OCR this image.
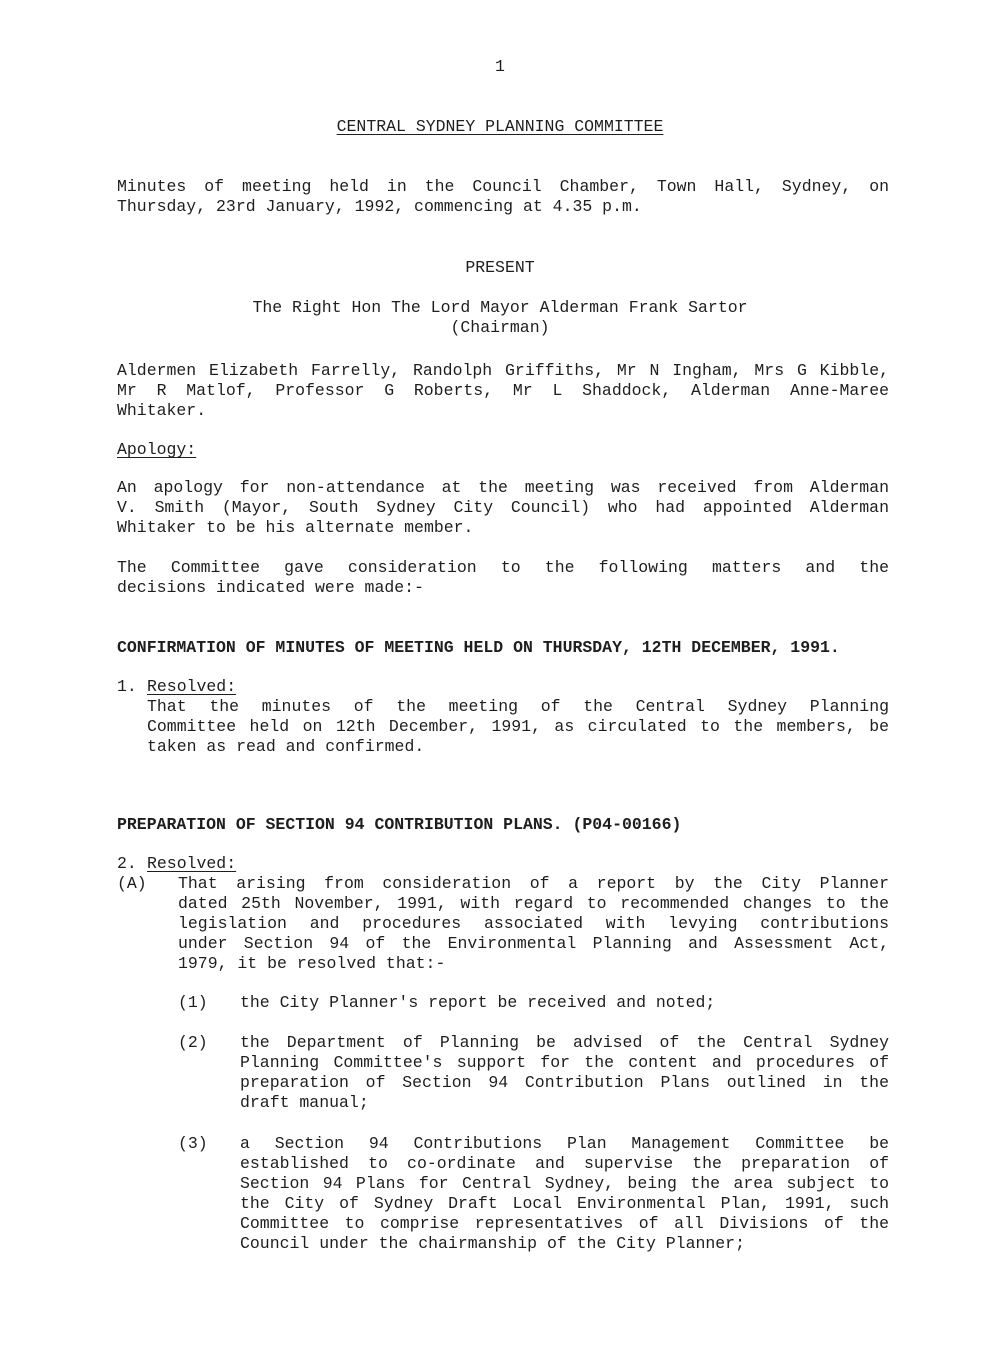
1
CENTRAL SYDNEY PLANNING COMMITTEE
Minutes of meeting held in the Council Chamber, Town Hall, Sydney, on
Thursday, 23rd January, 1992, commencing at 4.35 p.m.
PRESENT
The Right Hon The Lord Mayor Alderman Frank Sartor
(Chairman)
Aldermen Elizabeth Farrelly, Randolph Griffiths, Mr N Ingham, Mrs G Kibble,
Mr R Matlof, Professor G Roberts, Mr L Shaddock, Alderman Anne-Maree
Whitaker.
Apology:
An apology for non-attendance at the meeting was received from Alderman
V. Smith (Mayor, South Sydney City Council) who had appointed Alderman
Whitaker to be his alternate member.
The Committee gave consideration to the following matters and the
decisions indicated were made:-
CONFIRMATION OF MINUTES OF MEETING HELD ON THURSDAY, 12TH DECEMBER, 1991.
1. Resolved:
That the minutes of the meeting of the Central Sydney Planning
Committee held on 12th December, 1991, as circulated to the members, be
taken as read and confirmed.
PREPARATION OF SECTION 94 CONTRIBUTION PLANS. (P04-00166)
2. Resolved:
(A) That arising from consideration of a report by the City Planner
dated 25th November, 1991, with regard to recommended changes to the
legislation and procedures associated with levying contributions
under Section 94 of the Environmental Planning and Assessment Act,
1979, it be resolved that:-
(1) the City Planner's report be received and noted;
(2) the Department of Planning be advised of the Central Sydney
Planning Committee's support for the content and procedures of
preparation of Section 94 Contribution Plans outlined in the
draft manual;
(3) a Section 94 Contributions Plan Management Committee be
established to co-ordinate and supervise the preparation of
Section 94 Plans for Central Sydney, being the area subject to
the City of Sydney Draft Local Environmental Plan, 1991, such
Committee to comprise representatives of all Divisions of the
Council under the chairmanship of the City Planner;
